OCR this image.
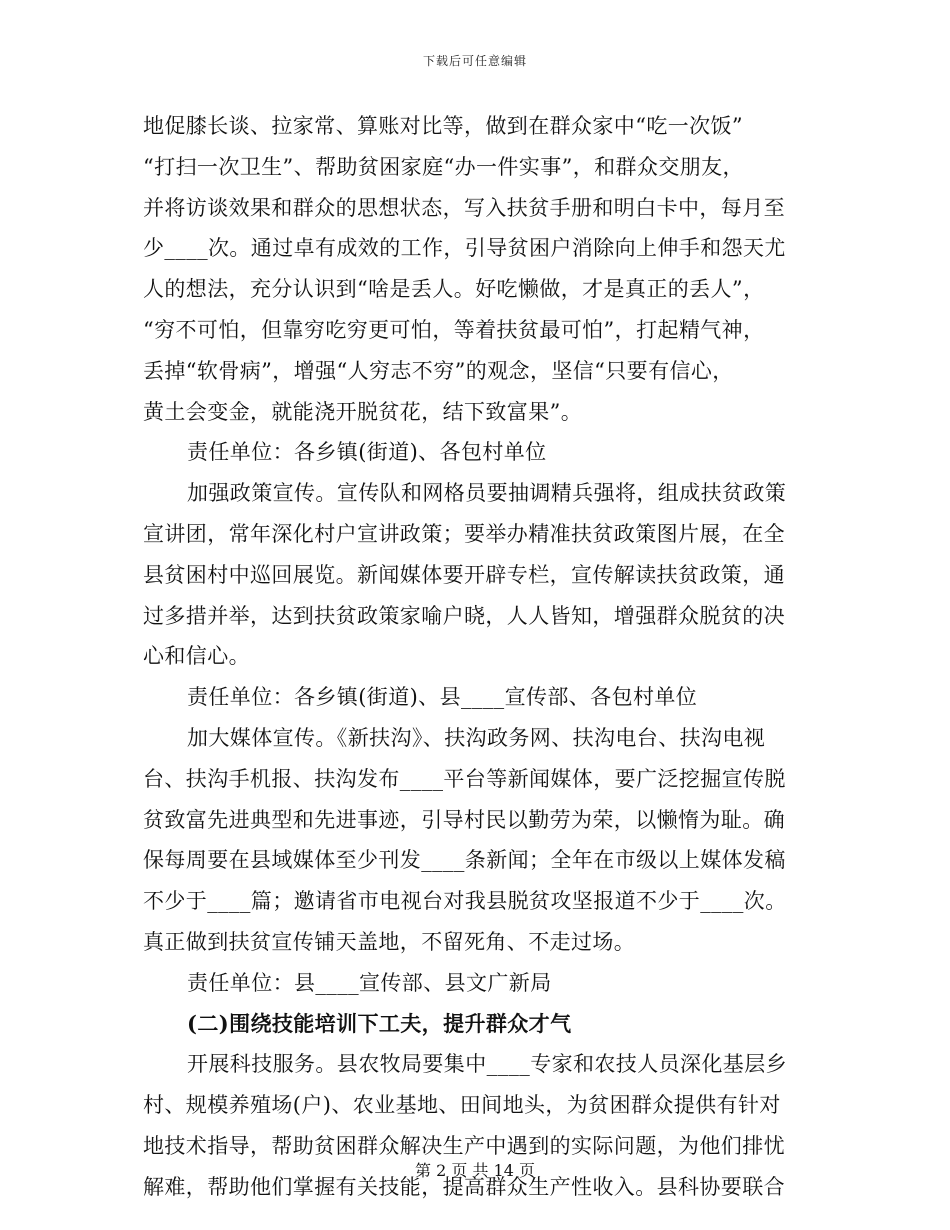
下载后可任意编辑
地促膝长谈、拉家常、算账对比等，做到在群众家中“吃一次饭”
“打扫一次卫生”、帮助贫困家庭“办一件实事”，和群众交朋友，
并将访谈效果和群众的思想状态，写入扶贫手册和明白卡中，每月至
少____次。通过卓有成效的工作，引导贫困户消除向上伸手和怨天尤
人的想法，充分认识到“啥是丢人。好吃懒做，才是真正的丢人”，
“穷不可怕，但靠穷吃穷更可怕，等着扶贫最可怕”，打起精气神，
丢掉“软骨病”，增强“人穷志不穷”的观念，坚信“只要有信心，
黄土会变金，就能浇开脱贫花，结下致富果”。
责任单位：各乡镇(街道)、各包村单位
加强政策宣传。宣传队和网格员要抽调精兵强将，组成扶贫政策
宣讲团，常年深化村户宣讲政策；要举办精准扶贫政策图片展，在全
县贫困村中巡回展览。新闻媒体要开辟专栏，宣传解读扶贫政策，通
过多措并举，达到扶贫政策家喻户晓，人人皆知，增强群众脱贫的决
心和信心。
责任单位：各乡镇(街道)、县____宣传部、各包村单位
加大媒体宣传。《新扶沟》、扶沟政务网、扶沟电台、扶沟电视
台、扶沟手机报、扶沟发布____平台等新闻媒体，要广泛挖掘宣传脱
贫致富先进典型和先进事迹，引导村民以勤劳为荣，以懒惰为耻。确
保每周要在县域媒体至少刊发____条新闻；全年在市级以上媒体发稿
不少于____篇；邀请省市电视台对我县脱贫攻坚报道不少于____次。
真正做到扶贫宣传铺天盖地，不留死角、不走过场。
责任单位：县____宣传部、县文广新局
(二)围绕技能培训下工夫，提升群众才气
开展科技服务。县农牧局要集中____专家和农技人员深化基层乡
村、规模养殖场(户)、农业基地、田间地头，为贫困群众提供有针对
地技术指导，帮助贫困群众解决生产中遇到的实际问题，为他们排忧
解难，帮助他们掌握有关技能，提高群众生产性收入。县科协要联合
第 2 页 共 14 页
